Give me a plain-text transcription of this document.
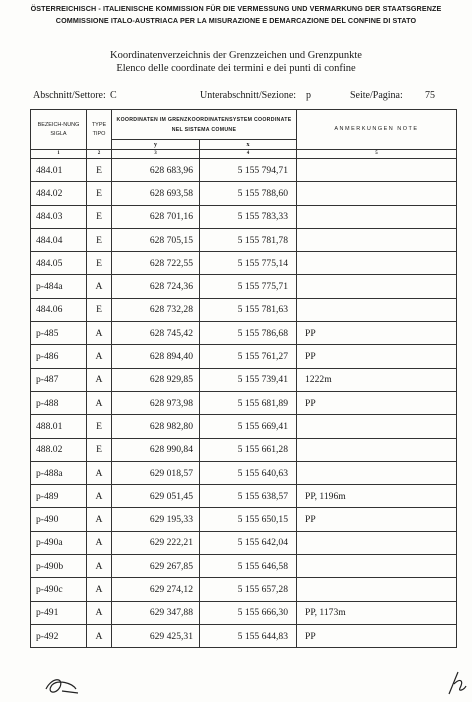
ÖSTERREICHISCH - ITALIENISCHE KOMMISSION FÜR DIE VERMESSUNG UND VERMARKUNG DER STAATSGRENZE
COMMISSIONE ITALO-AUSTRIACA PER LA MISURAZIONE E DEMARCAZIONE DEL CONFINE DI STATO
Koordinatenverzeichnis der Grenzzeichen und Grenzpunkte
Elenco delle coordinate dei termini e dei punti di confine
Abschnitt/Settore: C	Unterabschnitt/Sezione: p	Seite/Pagina: 75
BEZEICH-NUNG SIGLA	TYPE TIPO	KOORDINATEN IM GRENZKOORDINATENSYSTEM COORDINATE NEL SISTEMA COMUNE		ANMERKUNGEN NOTE
		y	x	
1	2	3	4	5
484.01	E	628 683,96	5 155 794,71	
484.02	E	628 693,58	5 155 788,60	
484.03	E	628 701,16	5 155 783,33	
484.04	E	628 705,15	5 155 781,78	
484.05	E	628 722,55	5 155 775,14	
p-484a	A	628 724,36	5 155 775,71	
484.06	E	628 732,28	5 155 781,63	
p-485	A	628 745,42	5 155 786,68	PP
p-486	A	628 894,40	5 155 761,27	PP
p-487	A	628 929,85	5 155 739,41	1222m
p-488	A	628 973,98	5 155 681,89	PP
488.01	E	628 982,80	5 155 669,41	
488.02	E	628 990,84	5 155 661,28	
p-488a	A	629 018,57	5 155 640,63	
p-489	A	629 051,45	5 155 638,57	PP, 1196m
p-490	A	629 195,33	5 155 650,15	PP
p-490a	A	629 222,21	5 155 642,04	
p-490b	A	629 267,85	5 155 646,58	
p-490c	A	629 274,12	5 155 657,28	
p-491	A	629 347,88	5 155 666,30	PP, 1173m
p-492	A	629 425,31	5 155 644,83	PP
